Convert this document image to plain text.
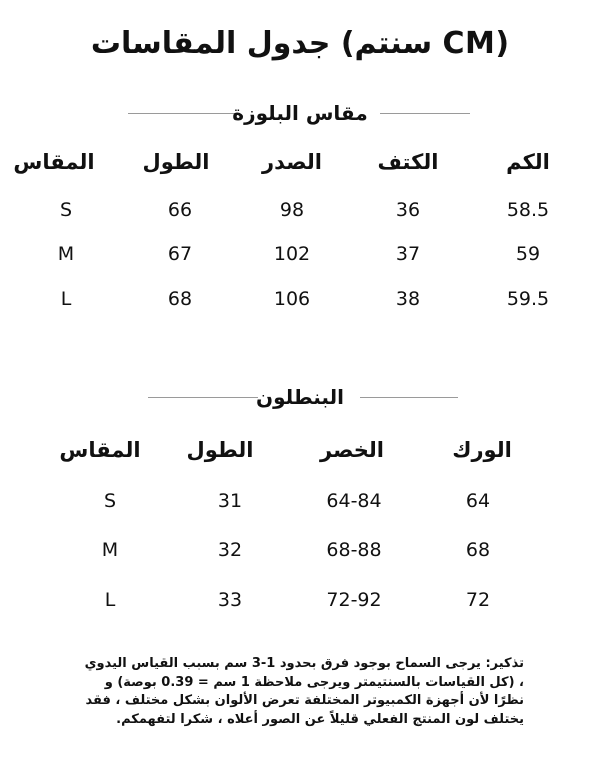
جدول المقاسات (سنتم CM)
مقاس البلوزة
الكم
الكتف
الصدر
الطول
المقاس
58.5
36
98
66
S
59
37
102
67
M
59.5
38
106
68
L
البنطلون
الورك
الخصر
الطول
المقاس
64
64-84
31
S
68
68-88
32
M
72
72-92
33
L
تذكير: يرجى السماح بوجود فرق بحدود 1-3 سم بسبب القياس اليدوي ، (كل القياسات بالسنتيمتر ويرجى ملاحظة 1 سم = 0.39 بوصة) و نظرًا لأن أجهزة الكمبيوتر المختلفة تعرض الألوان بشكل مختلف ، فقد يختلف لون المنتج الفعلي قليلاً عن الصور أعلاه ، شكرا لتفهمكم.
